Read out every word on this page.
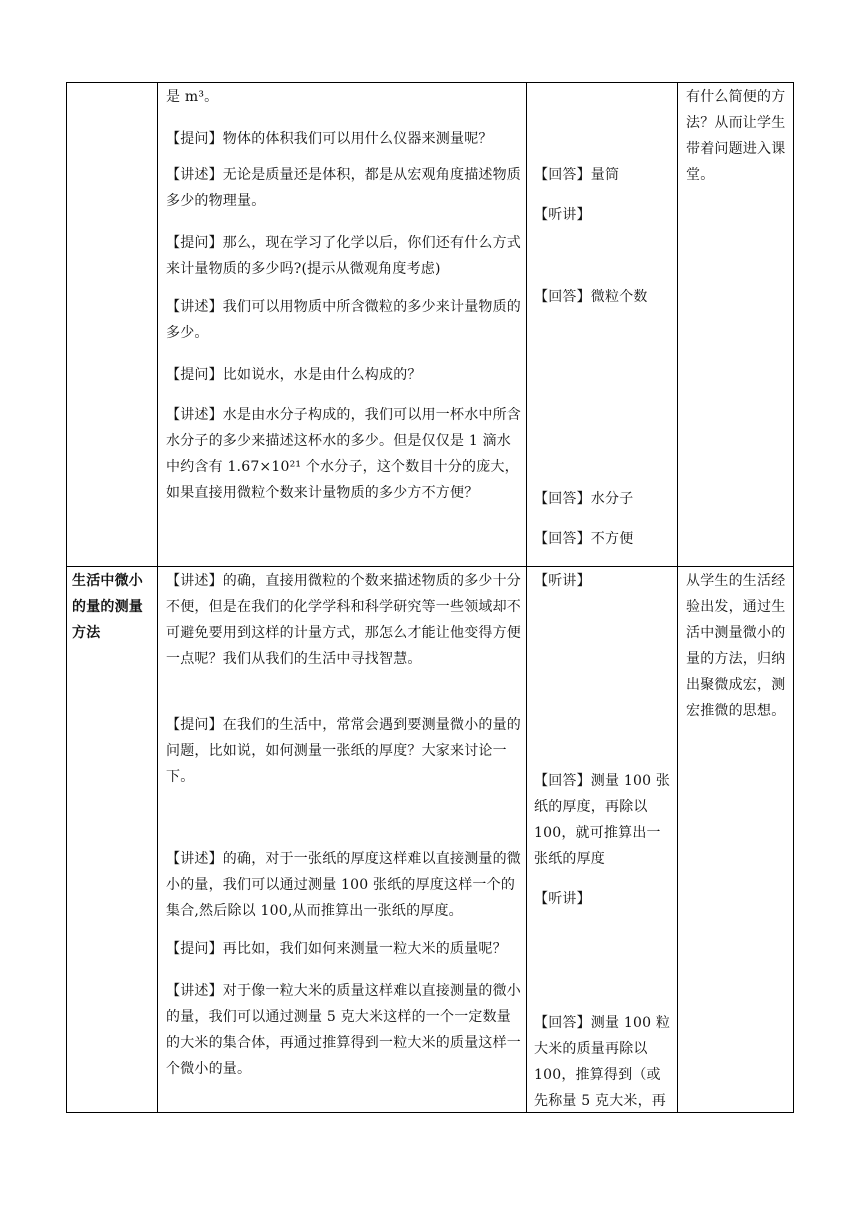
是 m³。
【提问】物体的体积我们可以用什么仪器来测量呢？
【讲述】无论是质量还是体积，都是从宏观角度描述物质多少的物理量。
【提问】那么，现在学习了化学以后，你们还有什么方式来计量物质的多少吗?(提示从微观角度考虑)
【讲述】我们可以用物质中所含微粒的多少来计量物质的多少。
【提问】比如说水，水是由什么构成的？
【讲述】水是由水分子构成的，我们可以用一杯水中所含水分子的多少来描述这杯水的多少。但是仅仅是 1 滴水中约含有 1.67×10²¹ 个水分子，这个数目十分的庞大，如果直接用微粒个数来计量物质的多少方不方便？
【回答】量筒
【听讲】
【回答】微粒个数
【回答】水分子
【回答】不方便
有什么简便的方法？从而让学生带着问题进入课堂。
生活中微小的量的测量方法
【讲述】的确，直接用微粒的个数来描述物质的多少十分不便，但是在我们的化学学科和科学研究等一些领域却不可避免要用到这样的计量方式，那怎么才能让他变得方便一点呢？我们从我们的生活中寻找智慧。
【提问】在我们的生活中，常常会遇到要测量微小的量的问题，比如说，如何测量一张纸的厚度？大家来讨论一下。
【讲述】的确，对于一张纸的厚度这样难以直接测量的微小的量，我们可以通过测量 100 张纸的厚度这样一个的集合,然后除以 100,从而推算出一张纸的厚度。
【提问】再比如，我们如何来测量一粒大米的质量呢？
【讲述】对于像一粒大米的质量这样难以直接测量的微小的量，我们可以通过测量 5 克大米这样的一个一定数量的大米的集合体，再通过推算得到一粒大米的质量这样一个微小的量。
【听讲】
【回答】测量 100 张纸的厚度，再除以 100，就可推算出一张纸的厚度
【听讲】
【回答】测量 100 粒大米的质量再除以 100，推算得到（或先称量 5 克大米，再
从学生的生活经验出发，通过生活中测量微小的量的方法，归纳出聚微成宏，测宏推微的思想。
